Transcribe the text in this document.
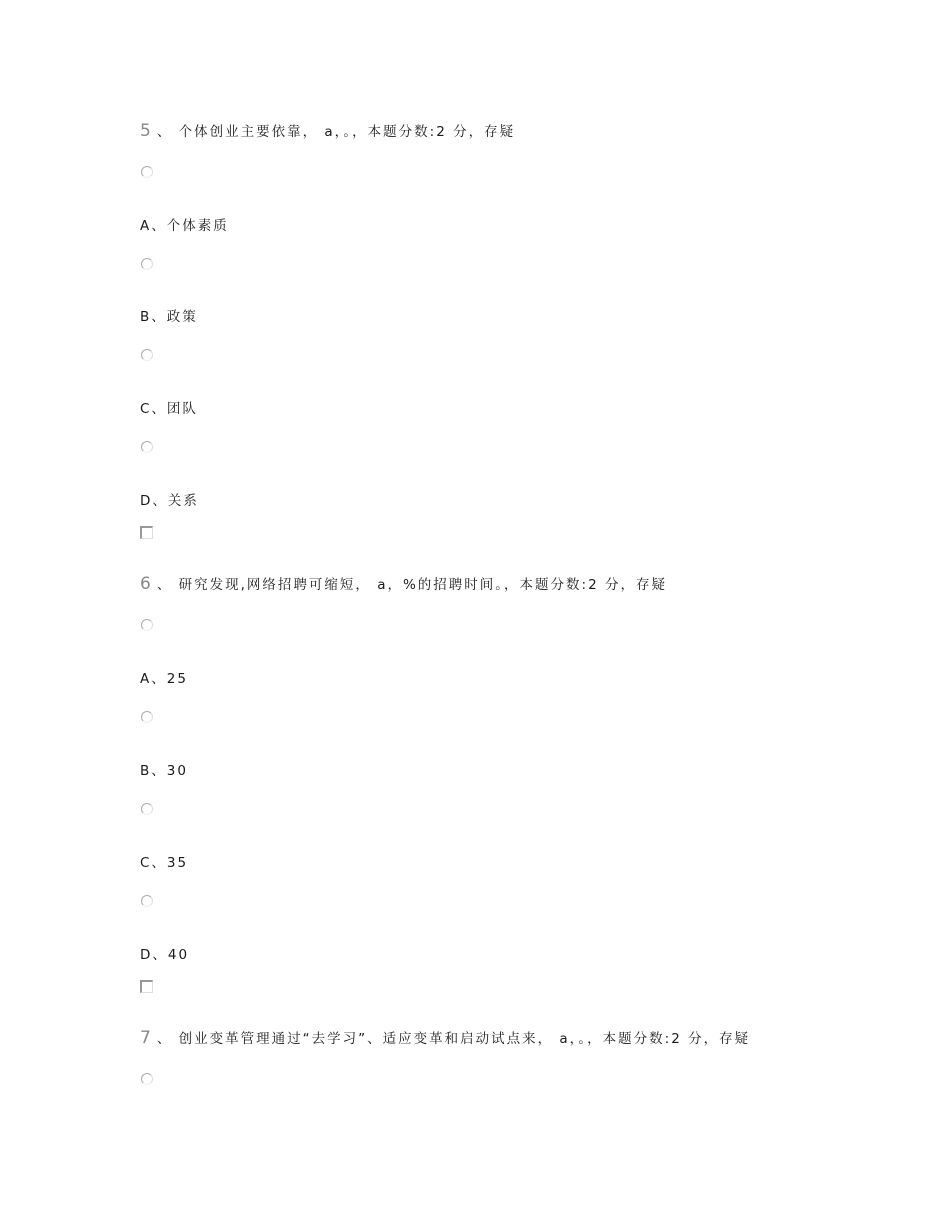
5 、 个体创业主要依靠， a，。，本题分数:2 分，存疑
A、个体素质
B、政策
C、团队
D、关系
6 、 研究发现,网络招聘可缩短， a，%的招聘时间。，本题分数:2 分，存疑
A、25
B、30
C、35
D、40
7 、 创业变革管理通过“去学习”、适应变革和启动试点来， a，。，本题分数:2 分，存疑
